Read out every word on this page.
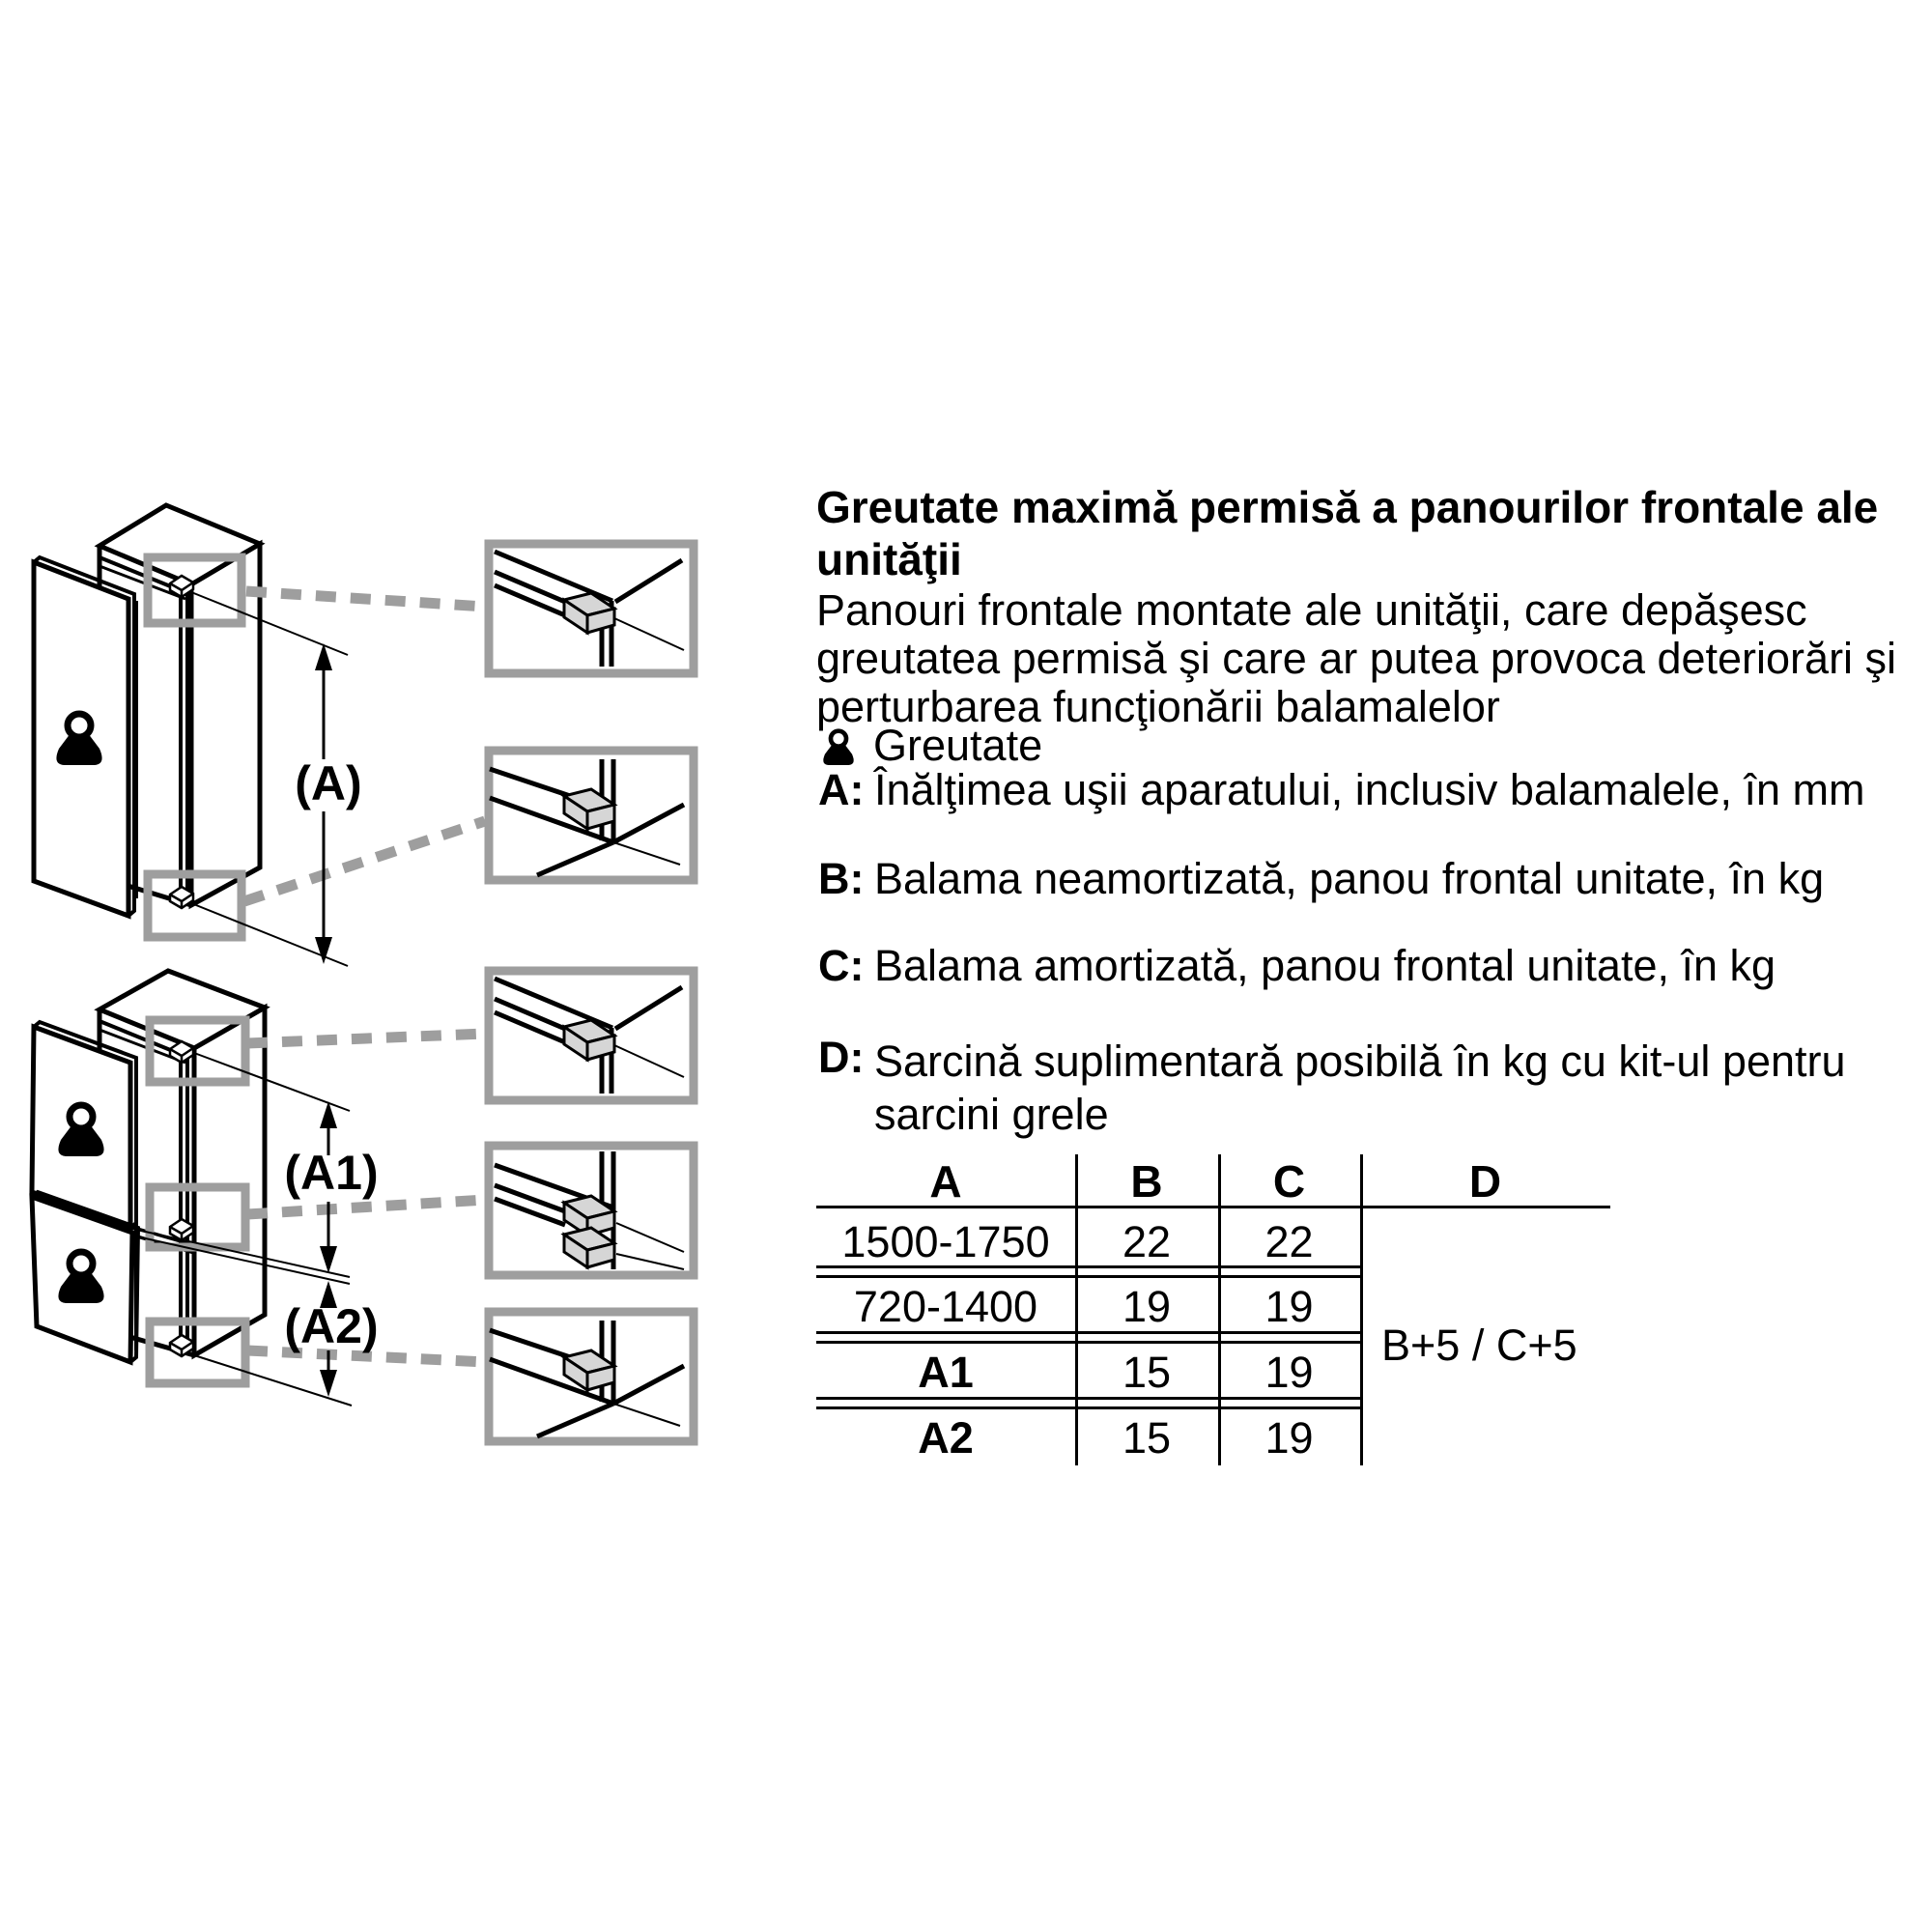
(A)
(A1)
(A2)
Greutate maximă permisă a panourilor frontale ale
unităţii
Panouri frontale montate ale unităţii, care depăşesc
greutatea permisă şi care ar putea provoca deteriorări şi
perturbarea funcţionării balamalelor
Greutate
A: Înălţimea uşii aparatului, inclusiv balamalele, în mm
B: Balama neamortizată, panou frontal unitate, în kg
C: Balama amortizată, panou frontal unitate, în kg
D: Sarcină suplimentară posibilă în kg cu kit-ul pentru
sarcini grele
A	B	C	D
1500-1750	22	22
720-1400	19	19
A1	15	19
A2	15	19
B+5 / C+5
